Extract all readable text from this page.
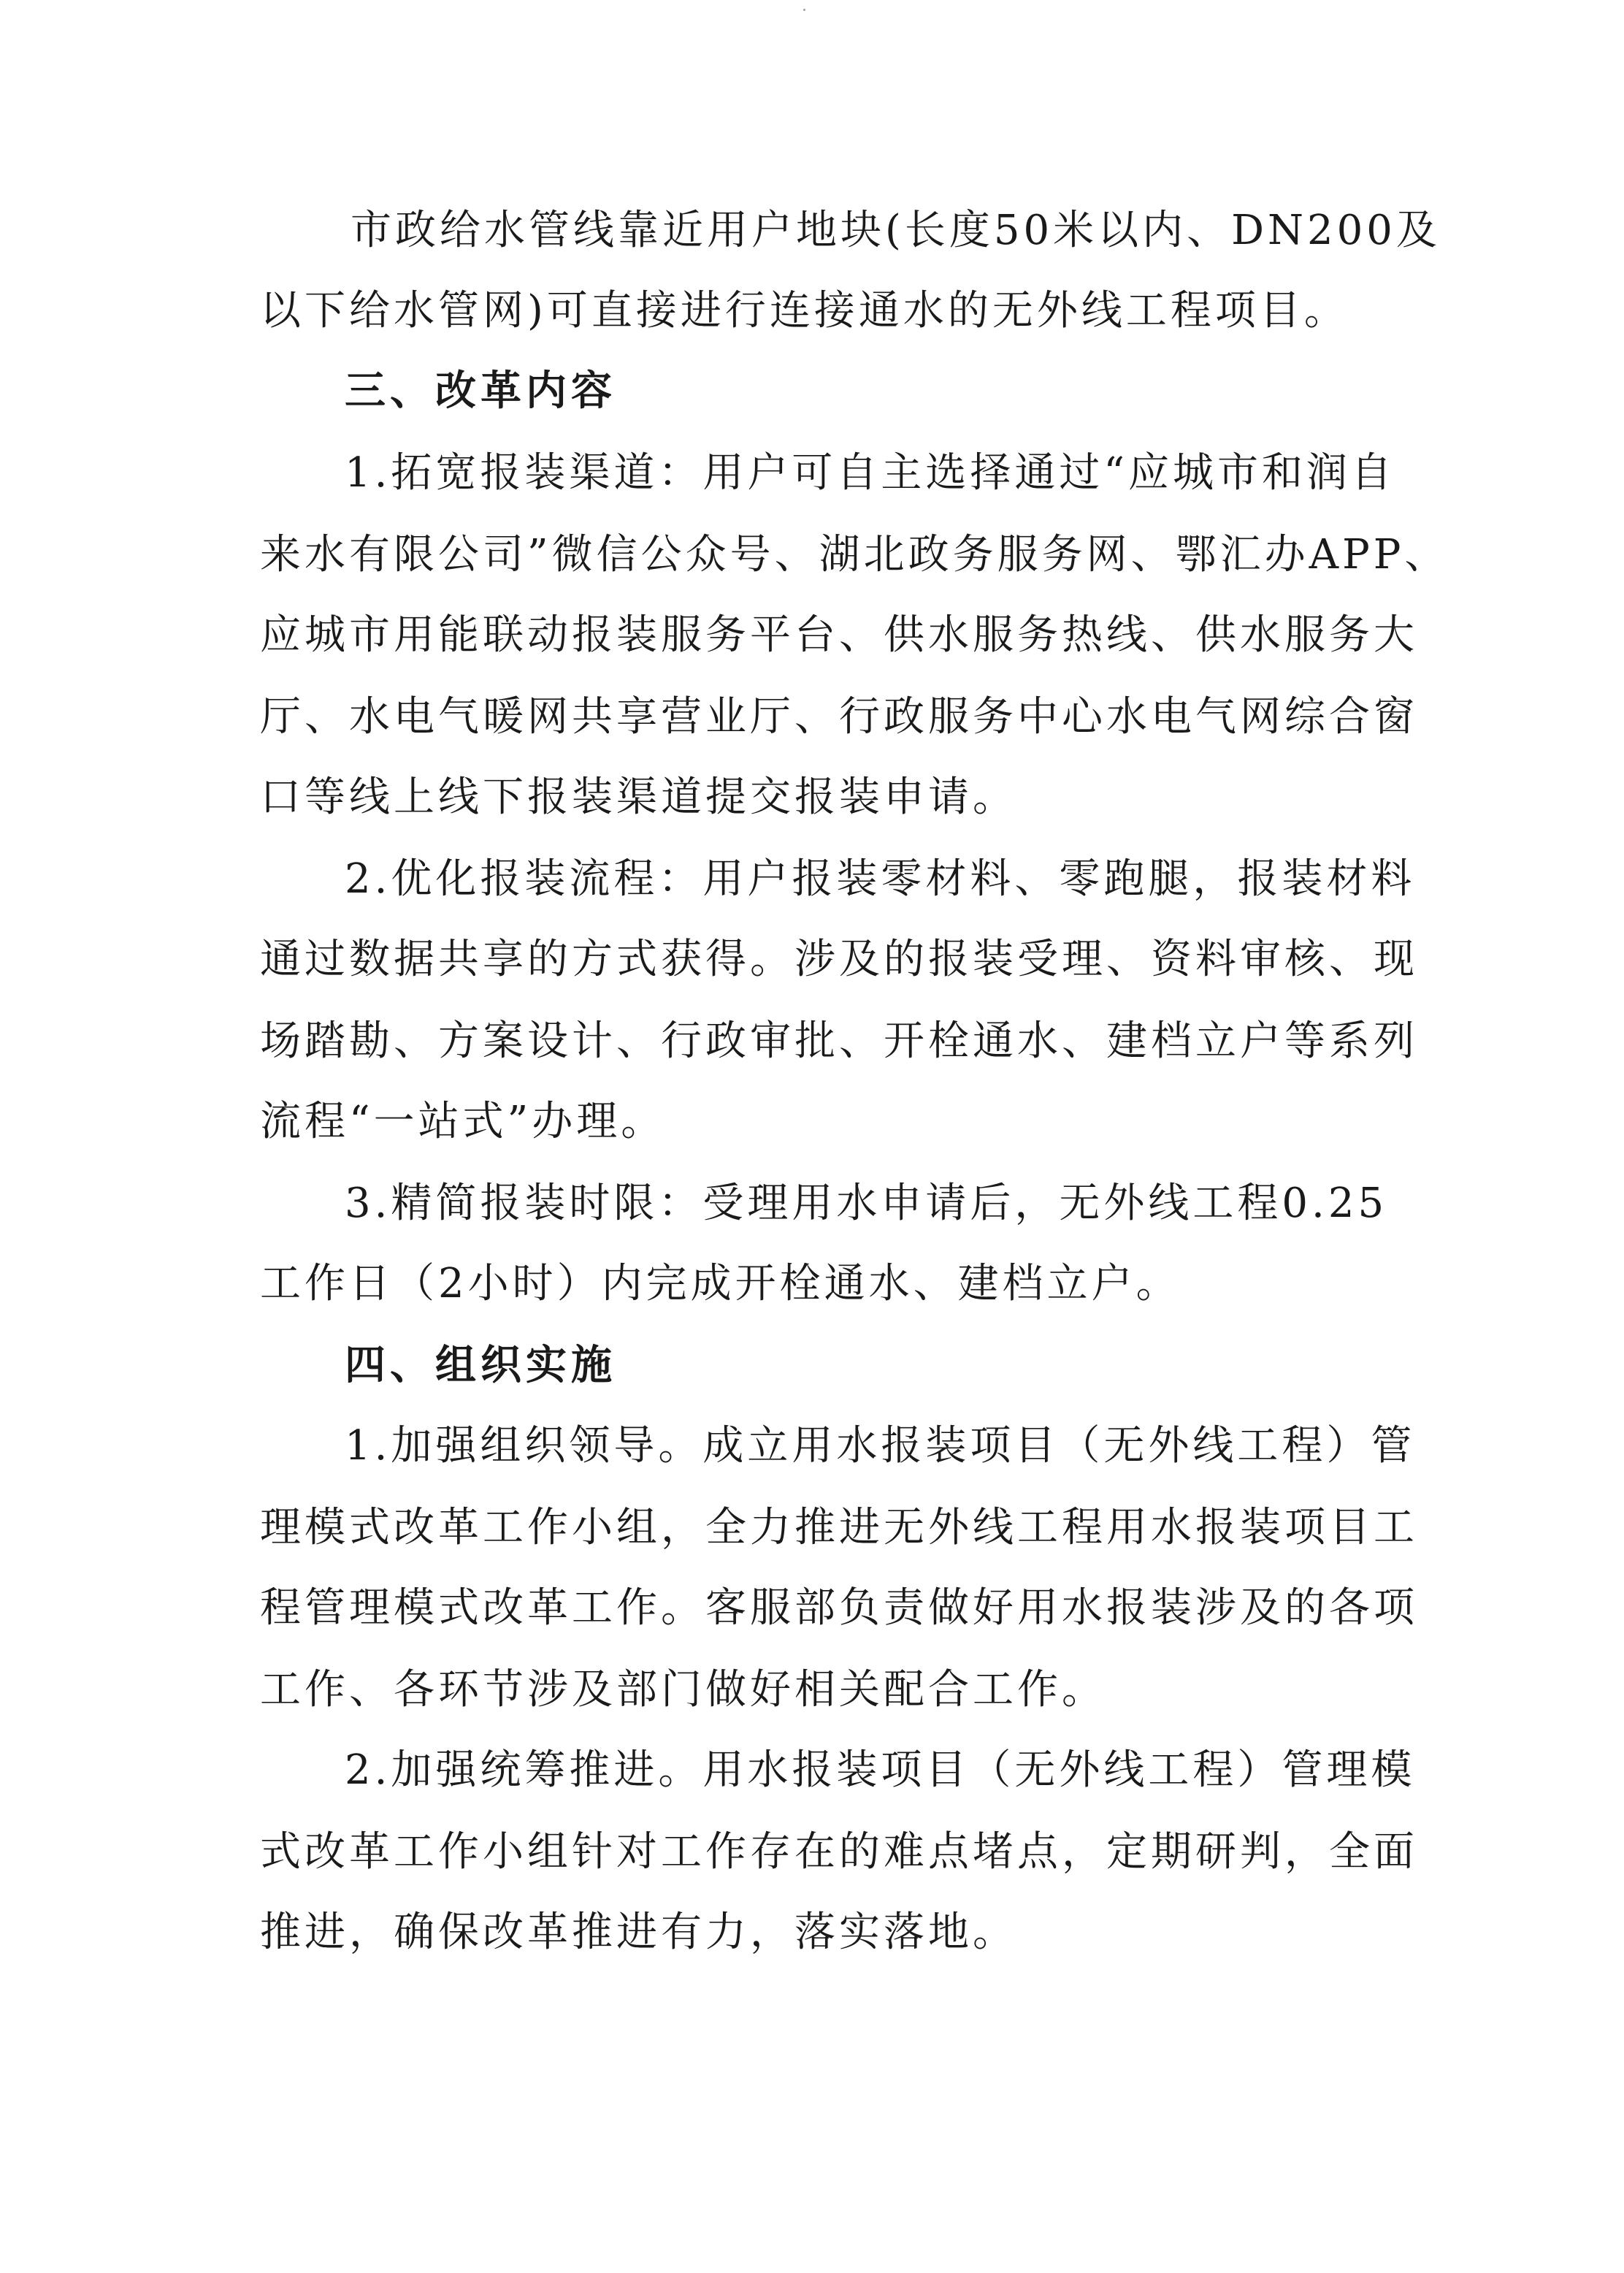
市政给水管线靠近用户地块(长度50米以内、DN200及
以下给水管网)可直接进行连接通水的无外线工程项目。
三、改革内容
1.拓宽报装渠道：用户可自主选择通过“应城市和润自
来水有限公司”微信公众号、湖北政务服务网、鄂汇办APP、
应城市用能联动报装服务平台、供水服务热线、供水服务大
厅、水电气暖网共享营业厅、行政服务中心水电气网综合窗
口等线上线下报装渠道提交报装申请。
2.优化报装流程：用户报装零材料、零跑腿，报装材料
通过数据共享的方式获得。涉及的报装受理、资料审核、现
场踏勘、方案设计、行政审批、开栓通水、建档立户等系列
流程“一站式”办理。
3.精简报装时限：受理用水申请后，无外线工程0.25
工作日（2小时）内完成开栓通水、建档立户。
四、组织实施
1.加强组织领导。成立用水报装项目（无外线工程）管
理模式改革工作小组，全力推进无外线工程用水报装项目工
程管理模式改革工作。客服部负责做好用水报装涉及的各项
工作、各环节涉及部门做好相关配合工作。
2.加强统筹推进。用水报装项目（无外线工程）管理模
式改革工作小组针对工作存在的难点堵点，定期研判，全面
推进，确保改革推进有力，落实落地。
